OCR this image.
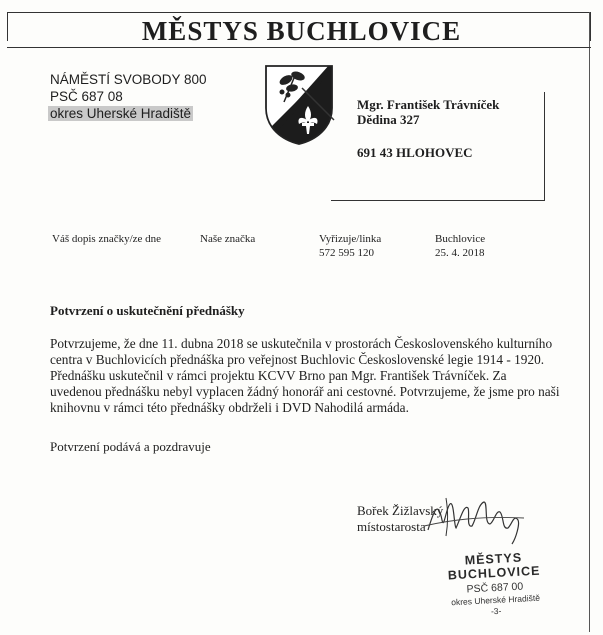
MĚSTYS BUCHLOVICE
NÁMĚSTÍ SVOBODY 800
PSČ 687 08
okres Uherské Hradiště
Mgr. František Trávníček
Dědina 327
691 43 HLOHOVEC
Váš dopis značky/ze dne	Naše značka	Vyřizuje/linka
572 595 120
Buchlovice
25. 4. 2018
Potvrzení o uskutečnění přednášky
Potvrzujeme, že dne 11. dubna 2018 se uskutečnila v prostorách Československého kulturního
centra v Buchlovicích přednáška pro veřejnost Buchlovic Československé legie 1914 - 1920.
Přednášku uskutečnil v rámci projektu KCVV Brno pan Mgr. František Trávníček. Za
uvedenou přednášku nebyl vyplacen žádný honorář ani cestovné. Potvrzujeme, že jsme pro naši
knihovnu v rámci této přednášky obdrželi i DVD Nahodilá armáda.
Potvrzení podává a pozdravuje
Bořek Žižlavský
místostarosta
MĚSTYS BUCHLOVICE
PSČ 687 00
okres Uherské Hradiště
-3-
